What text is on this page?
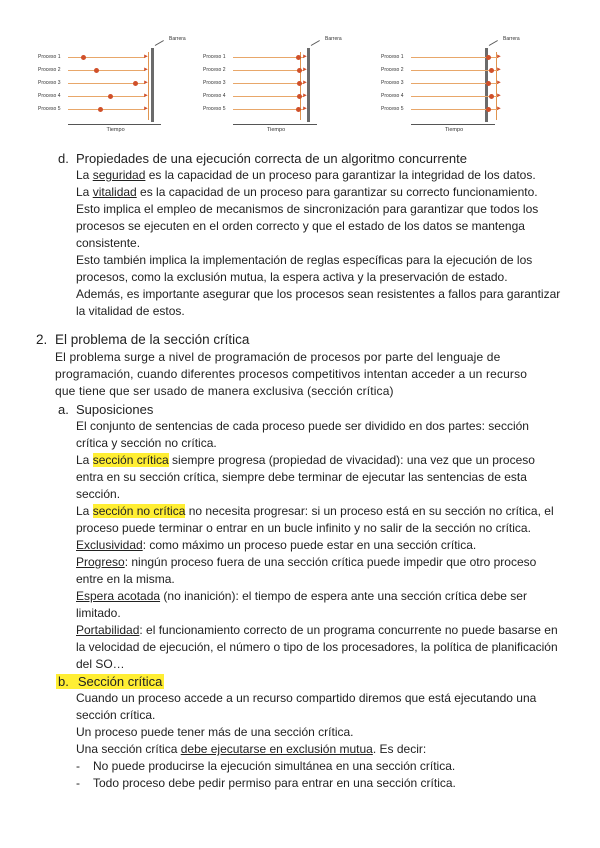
Barrera
Proceso 1	►
Proceso 2	►
Proceso 3	►
Proceso 4	►
Proceso 5	►
Tiempo
Barrera
Proceso 1	►
Proceso 2	►
Proceso 3	►
Proceso 4	►
Proceso 5	►
Tiempo
Barrera
Proceso 1	►
Proceso 2	►
Proceso 3	►
Proceso 4	►
Proceso 5	►
Tiempo
d. Propiedades de una ejecución correcta de un algoritmo concurrente
La seguridad es la capacidad de un proceso para garantizar la integridad de los datos.
La vitalidad es la capacidad de un proceso para garantizar su correcto funcionamiento.
Esto implica el empleo de mecanismos de sincronización para garantizar que todos los
procesos se ejecuten en el orden correcto y que el estado de los datos se mantenga
consistente.
Esto también implica la implementación de reglas específicas para la ejecución de los
procesos, como la exclusión mutua, la espera activa y la preservación de estado.
Además, es importante asegurar que los procesos sean resistentes a fallos para garantizar
la vitalidad de estos.
2. El problema de la sección crítica
El problema surge a nivel de programación de procesos por parte del lenguaje de
programación, cuando diferentes procesos competitivos intentan acceder a un recurso
que tiene que ser usado de manera exclusiva (sección crítica)
a. Suposiciones
El conjunto de sentencias de cada proceso puede ser dividido en dos partes: sección
crítica y sección no crítica.
La sección crítica siempre progresa (propiedad de vivacidad): una vez que un proceso
entra en su sección crítica, siempre debe terminar de ejecutar las sentencias de esta
sección.
La sección no crítica no necesita progresar: si un proceso está en su sección no crítica, el
proceso puede terminar o entrar en un bucle infinito y no salir de la sección no crítica.
Exclusividad: como máximo un proceso puede estar en una sección crítica.
Progreso: ningún proceso fuera de una sección crítica puede impedir que otro proceso
entre en la misma.
Espera acotada (no inanición): el tiempo de espera ante una sección crítica debe ser
limitado.
Portabilidad: el funcionamiento correcto de un programa concurrente no puede basarse en
la velocidad de ejecución, el número o tipo de los procesadores, la política de planificación
del SO…
b. Sección crítica
Cuando un proceso accede a un recurso compartido diremos que está ejecutando una
sección crítica.
Un proceso puede tener más de una sección crítica.
Una sección crítica debe ejecutarse en exclusión mutua. Es decir:
- No puede producirse la ejecución simultánea en una sección crítica.
- Todo proceso debe pedir permiso para entrar en una sección crítica.
